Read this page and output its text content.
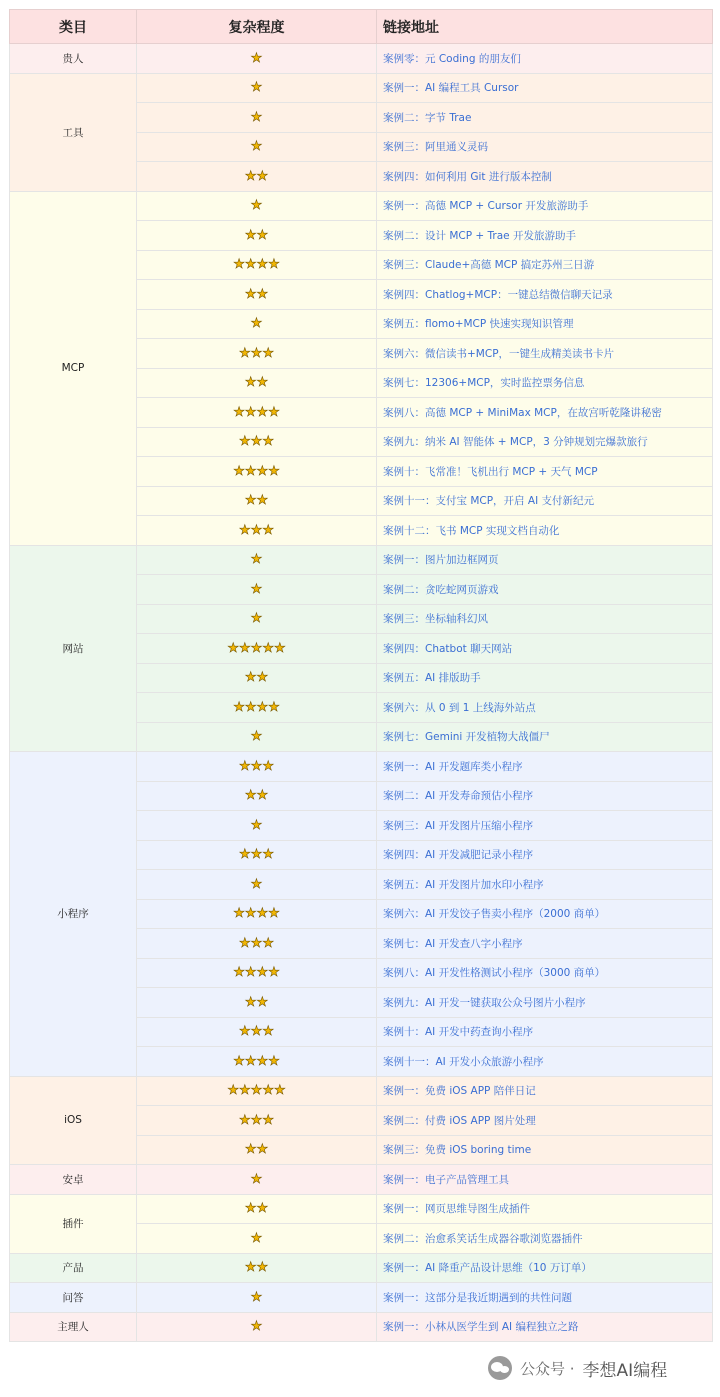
类目	复杂程度	链接地址
贵人	★	案例零：元 Coding 的朋友们
工具	★	案例一：AI 编程工具 Cursor
	★	案例二：字节 Trae
	★	案例三：阿里通义灵码
	★★	案例四：如何利用 Git 进行版本控制
MCP	★	案例一：高德 MCP + Cursor 开发旅游助手
	★★	案例二：设计 MCP + Trae 开发旅游助手
	★★★★	案例三：Claude+高德 MCP 搞定苏州三日游
	★★	案例四：Chatlog+MCP：一键总结微信聊天记录
	★	案例五：flomo+MCP 快速实现知识管理
	★★★	案例六：微信读书+MCP，一键生成精美读书卡片
	★★	案例七：12306+MCP，实时监控票务信息
	★★★★	案例八：高德 MCP + MiniMax MCP，在故宫听乾隆讲秘密
	★★★	案例九：纳米 AI 智能体 + MCP，3 分钟规划完爆款旅行
	★★★★	案例十：飞常准！飞机出行 MCP + 天气 MCP
	★★	案例十一：支付宝 MCP，开启 AI 支付新纪元
	★★★	案例十二：飞书 MCP 实现文档自动化
网站	★	案例一：图片加边框网页
	★	案例二：贪吃蛇网页游戏
	★	案例三：坐标轴科幻风
	★★★★★	案例四：Chatbot 聊天网站
	★★	案例五：AI 排版助手
	★★★★	案例六：从 0 到 1 上线海外站点
	★	案例七：Gemini 开发植物大战僵尸
小程序	★★★	案例一：AI 开发题库类小程序
	★★	案例二：AI 开发寿命预估小程序
	★	案例三：AI 开发图片压缩小程序
	★★★	案例四：AI 开发减肥记录小程序
	★	案例五：AI 开发图片加水印小程序
	★★★★	案例六：AI 开发饺子售卖小程序（2000 商单）
	★★★	案例七：AI 开发查八字小程序
	★★★★	案例八：AI 开发性格测试小程序（3000 商单）
	★★	案例九：AI 开发一键获取公众号图片小程序
	★★★	案例十：AI 开发中药查询小程序
	★★★★	案例十一：AI 开发小众旅游小程序
iOS	★★★★★	案例一：免费 iOS APP 陪伴日记
	★★★	案例二：付费 iOS APP 图片处理
	★★	案例三：免费 iOS boring time
安卓	★	案例一：电子产品管理工具
插件	★★	案例一：网页思维导图生成插件
	★	案例二：治愈系笑话生成器谷歌浏览器插件
产品	★★	案例一：AI 降重产品设计思维（10 万订单）
问答	★	案例一：这部分是我近期遇到的共性问题
主理人	★	案例一：小林从医学生到 AI 编程独立之路
公众号 · 李想AI编程
